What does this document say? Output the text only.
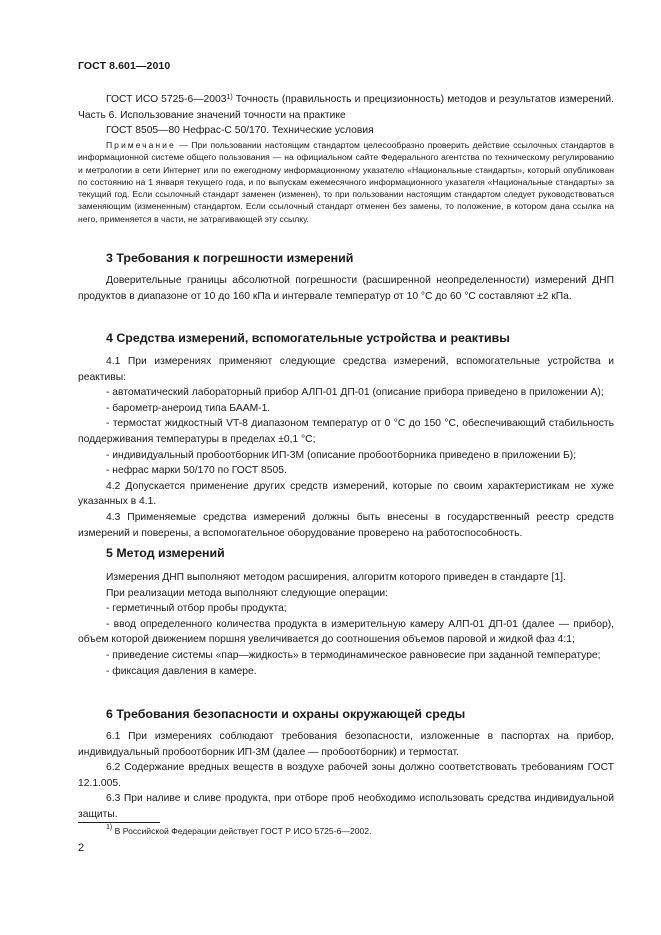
ГОСТ 8.601—2010

ГОСТ ИСО 5725-6—2003$^{1)}$ Точность (правильность и прецизионность) методов и результатов измерений. Часть 6. Использование значений точности на практике

ГОСТ 8505—80 Нефрас-С 50/170. Технические условия

Примечание — При пользовании настоящим стандартом целесообразно проверить действие ссылочных стандартов в информационной системе общего пользования — на официальном сайте Федерального агентства по техническому регулированию и метрологии в сети Интернет или по ежегодному информационному указателю «Национальные стандарты», который опубликован по состоянию на 1 января текущего года, и по выпускам ежемесячного информационного указателя «Национальные стандарты» за текущий год. Если ссылочный стандарт заменен (изменен), то при пользовании настоящим стандартом следует руководствоваться заменяющим (измененным) стандартом. Если ссылочный стандарт отменен без замены, то положение, в котором дана ссылка на него, применяется в части, не затрагивающей эту ссылку.

3 Требования к погрешности измерений

Доверительные границы абсолютной погрешности (расширенной неопределенности) измерений ДНП продуктов в диапазоне от 10 до 160 кПа и интервале температур от 10 °С до 60 °С составляют ±2 кПа.

4 Средства измерений, вспомогательные устройства и реактивы

4.1 При измерениях применяют следующие средства измерений, вспомогательные устройства и реактивы:

- автоматический лабораторный прибор АЛП-01 ДП-01 (описание прибора приведено в приложении А);

- барометр-анероид типа БААМ-1.

- термостат жидкостный VT-8 диапазоном температур от 0 °С до 150 °С, обеспечивающий стабильность поддерживания температуры в пределах ±0,1 °С;

- индивидуальный пробоотборник ИП-3М (описание пробоотборника приведено в приложении Б);

- нефрас марки 50/170 по ГОСТ 8505.

4.2 Допускается применение других средств измерений, которые по своим характеристикам не хуже указанных в 4.1.

4.3 Применяемые средства измерений должны быть внесены в государственный реестр средств измерений и поверены, а вспомогательное оборудование проверено на работоспособность.

5 Метод измерений

Измерения ДНП выполняют методом расширения, алгоритм которого приведен в стандарте [1].

При реализации метода выполняют следующие операции:

- герметичный отбор пробы продукта;

- ввод определенного количества продукта в измерительную камеру АЛП-01 ДП-01 (далее — прибор), объем которой движением поршня увеличивается до соотношения объемов паровой и жидкой фаз 4:1;

- приведение системы «пар—жидкость» в термодинамическое равновесие при заданной температуре;

- фиксация давления в камере.

6 Требования безопасности и охраны окружающей среды

6.1 При измерениях соблюдают требования безопасности, изложенные в паспортах на прибор, индивидуальный пробоотборник ИП-3М (далее — пробоотборник) и термостат.

6.2 Содержание вредных веществ в воздухе рабочей зоны должно соответствовать требованиям ГОСТ 12.1.005.

6.3 При наливе и сливе продукта, при отборе проб необходимо использовать средства индивидуальной защиты.

$^{1)}$ В Российской Федерации действует ГОСТ Р ИСО 5725-6—2002.
2
